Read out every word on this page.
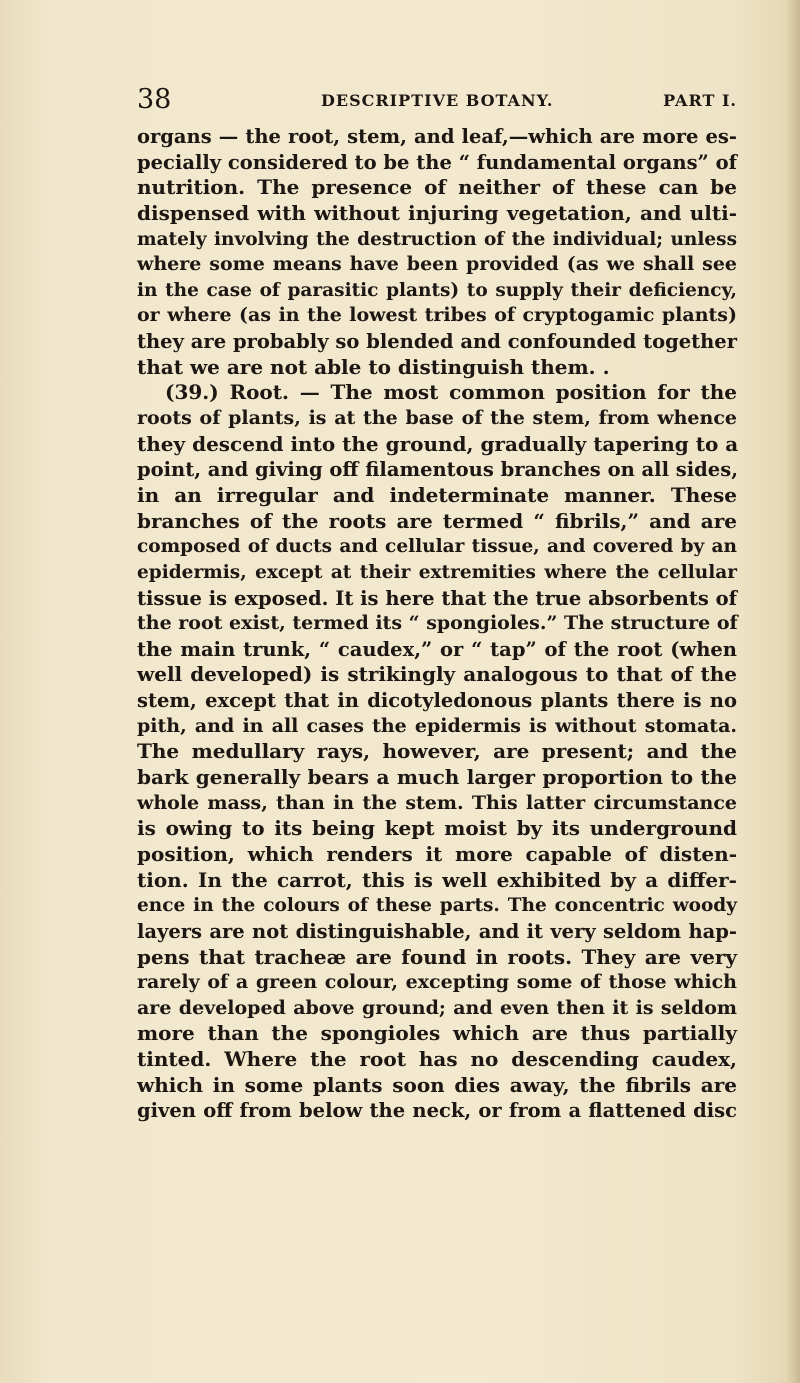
38	DESCRIPTIVE BOTANY.	PART I.
organs — the root, stem, and leaf,—which are more es-
pecially considered to be the “ fundamental organs” of
nutrition. The presence of neither of these can be
dispensed with without injuring vegetation, and ulti-
mately involving the destruction of the individual; unless
where some means have been provided (as we shall see
in the case of parasitic plants) to supply their deficiency,
or where (as in the lowest tribes of cryptogamic plants)
they are probably so blended and confounded together
that we are not able to distinguish them. .
(39.) Root. — The most common position for the
roots of plants, is at the base of the stem, from whence
they descend into the ground, gradually tapering to a
point, and giving off filamentous branches on all sides,
in an irregular and indeterminate manner. These
branches of the roots are termed “ fibrils,” and are
composed of ducts and cellular tissue, and covered by an
epidermis, except at their extremities where the cellular
tissue is exposed. It is here that the true absorbents of
the root exist, termed its “ spongioles.” The structure of
the main trunk, “ caudex,” or “ tap” of the root (when
well developed) is strikingly analogous to that of the
stem, except that in dicotyledonous plants there is no
pith, and in all cases the epidermis is without stomata.
The medullary rays, however, are present; and the
bark generally bears a much larger proportion to the
whole mass, than in the stem. This latter circumstance
is owing to its being kept moist by its underground
position, which renders it more capable of disten-
tion. In the carrot, this is well exhibited by a differ-
ence in the colours of these parts. The concentric woody
layers are not distinguishable, and it very seldom hap-
pens that tracheæ are found in roots. They are very
rarely of a green colour, excepting some of those which
are developed above ground; and even then it is seldom
more than the spongioles which are thus partially
tinted. Where the root has no descending caudex,
which in some plants soon dies away, the fibrils are
given off from below the neck, or from a flattened disc
